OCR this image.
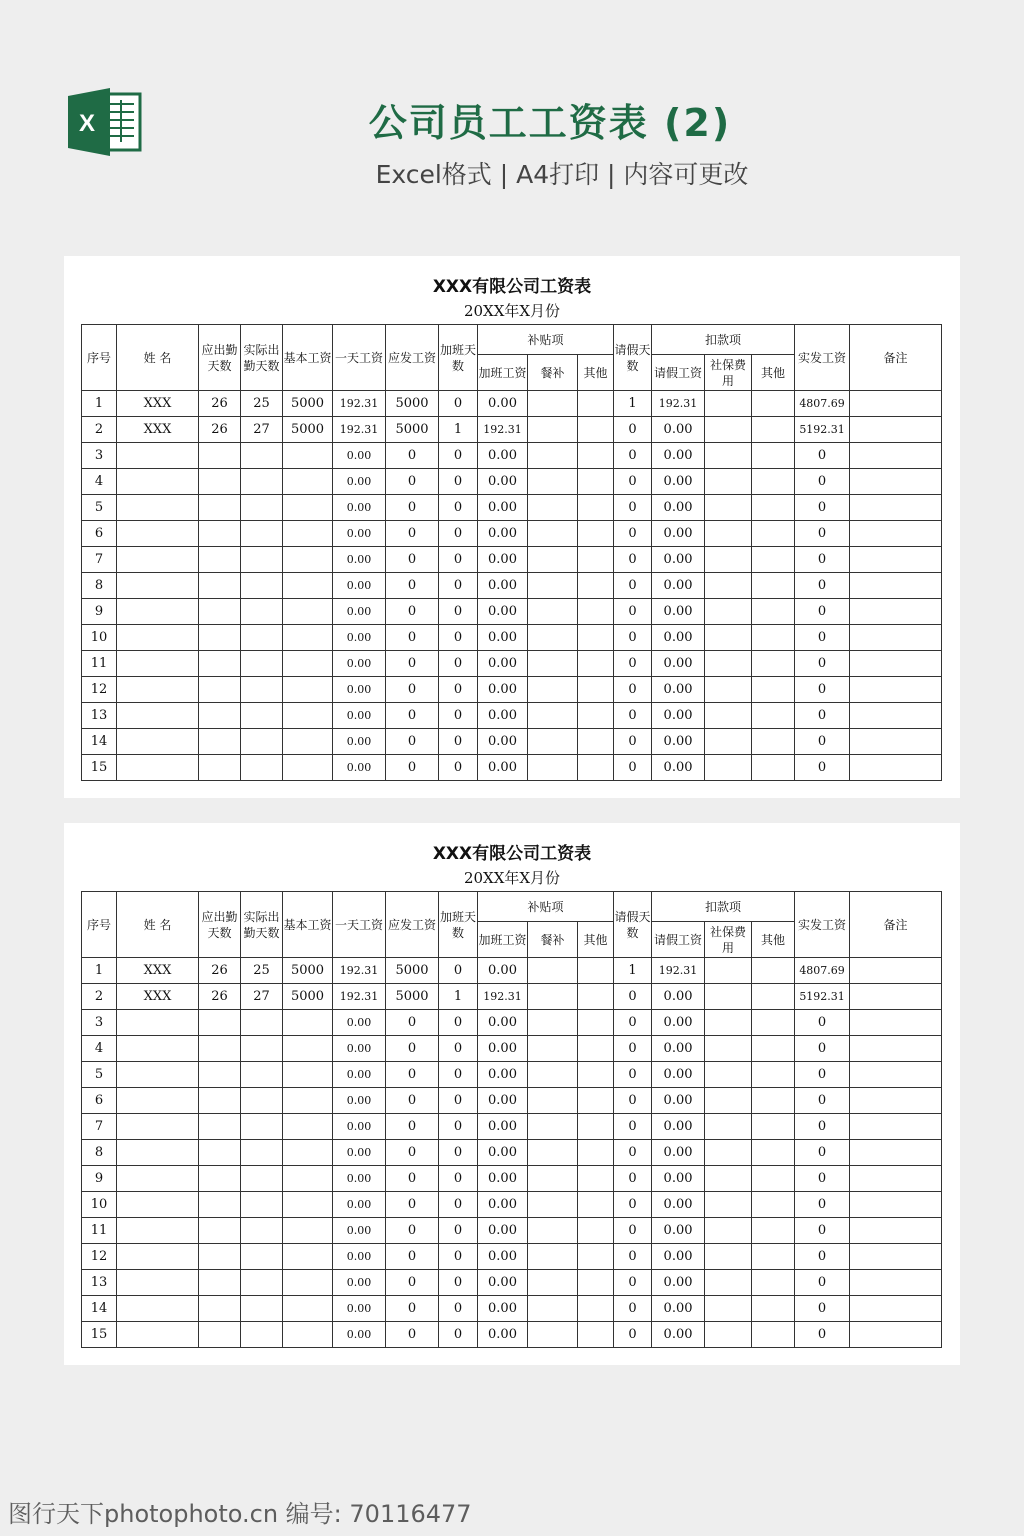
X	公司员工工资表 (2)
Excel格式 | A4打印 | 内容可更改
XXX有限公司工资表
20XX年X月份
序号	姓 名	应出勤天数	实际出勤天数	基本工资	一天工资	应发工资	加班天数	补贴项			请假天数	扣款项			实发工资	备注
								加班工资	餐补	其他		请假工资	社保费用	其他		
1	XXX	26	25	5000	192.31	5000	0	0.00			1	192.31			4807.69	
2	XXX	26	27	5000	192.31	5000	1	192.31			0	0.00			5192.31	
3					0.00	0	0	0.00			0	0.00			0	
4					0.00	0	0	0.00			0	0.00			0	
5					0.00	0	0	0.00			0	0.00			0	
6					0.00	0	0	0.00			0	0.00			0	
7					0.00	0	0	0.00			0	0.00			0	
8					0.00	0	0	0.00			0	0.00			0	
9					0.00	0	0	0.00			0	0.00			0	
10					0.00	0	0	0.00			0	0.00			0	
11					0.00	0	0	0.00			0	0.00			0	
12					0.00	0	0	0.00			0	0.00			0	
13					0.00	0	0	0.00			0	0.00			0	
14					0.00	0	0	0.00			0	0.00			0	
15					0.00	0	0	0.00			0	0.00			0	
XXX有限公司工资表
20XX年X月份
序号	姓 名	应出勤天数	实际出勤天数	基本工资	一天工资	应发工资	加班天数	补贴项			请假天数	扣款项			实发工资	备注
								加班工资	餐补	其他		请假工资	社保费用	其他		
1	XXX	26	25	5000	192.31	5000	0	0.00			1	192.31			4807.69	
2	XXX	26	27	5000	192.31	5000	1	192.31			0	0.00			5192.31	
3					0.00	0	0	0.00			0	0.00			0	
4					0.00	0	0	0.00			0	0.00			0	
5					0.00	0	0	0.00			0	0.00			0	
6					0.00	0	0	0.00			0	0.00			0	
7					0.00	0	0	0.00			0	0.00			0	
8					0.00	0	0	0.00			0	0.00			0	
9					0.00	0	0	0.00			0	0.00			0	
10					0.00	0	0	0.00			0	0.00			0	
11					0.00	0	0	0.00			0	0.00			0	
12					0.00	0	0	0.00			0	0.00			0	
13					0.00	0	0	0.00			0	0.00			0	
14					0.00	0	0	0.00			0	0.00			0	
15					0.00	0	0	0.00			0	0.00			0	
图行天下photophoto.cn 编号: 70116477
